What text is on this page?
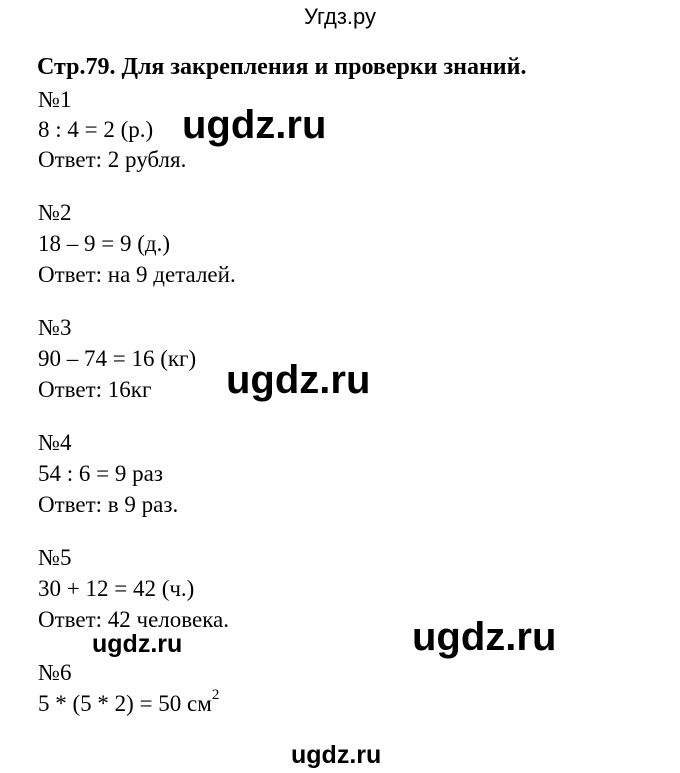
Угдз.ру
Стр.79. Для закрепления и проверки знаний.
№1
8 : 4 = 2 (р.)
Ответ: 2 рубля.
№2
18 – 9 = 9 (д.)
Ответ: на 9 деталей.
№3
90 – 74 = 16 (кг)
Ответ: 16кг
№4
54 : 6 = 9 раз
Ответ: в 9 раз.
№5
30 + 12 = 42 (ч.)
Ответ: 42 человека.
№6
5 * (5 * 2) = 50 $см^2$
ugdz.ru
ugdz.ru
ugdz.ru
ugdz.ru
ugdz.ru
